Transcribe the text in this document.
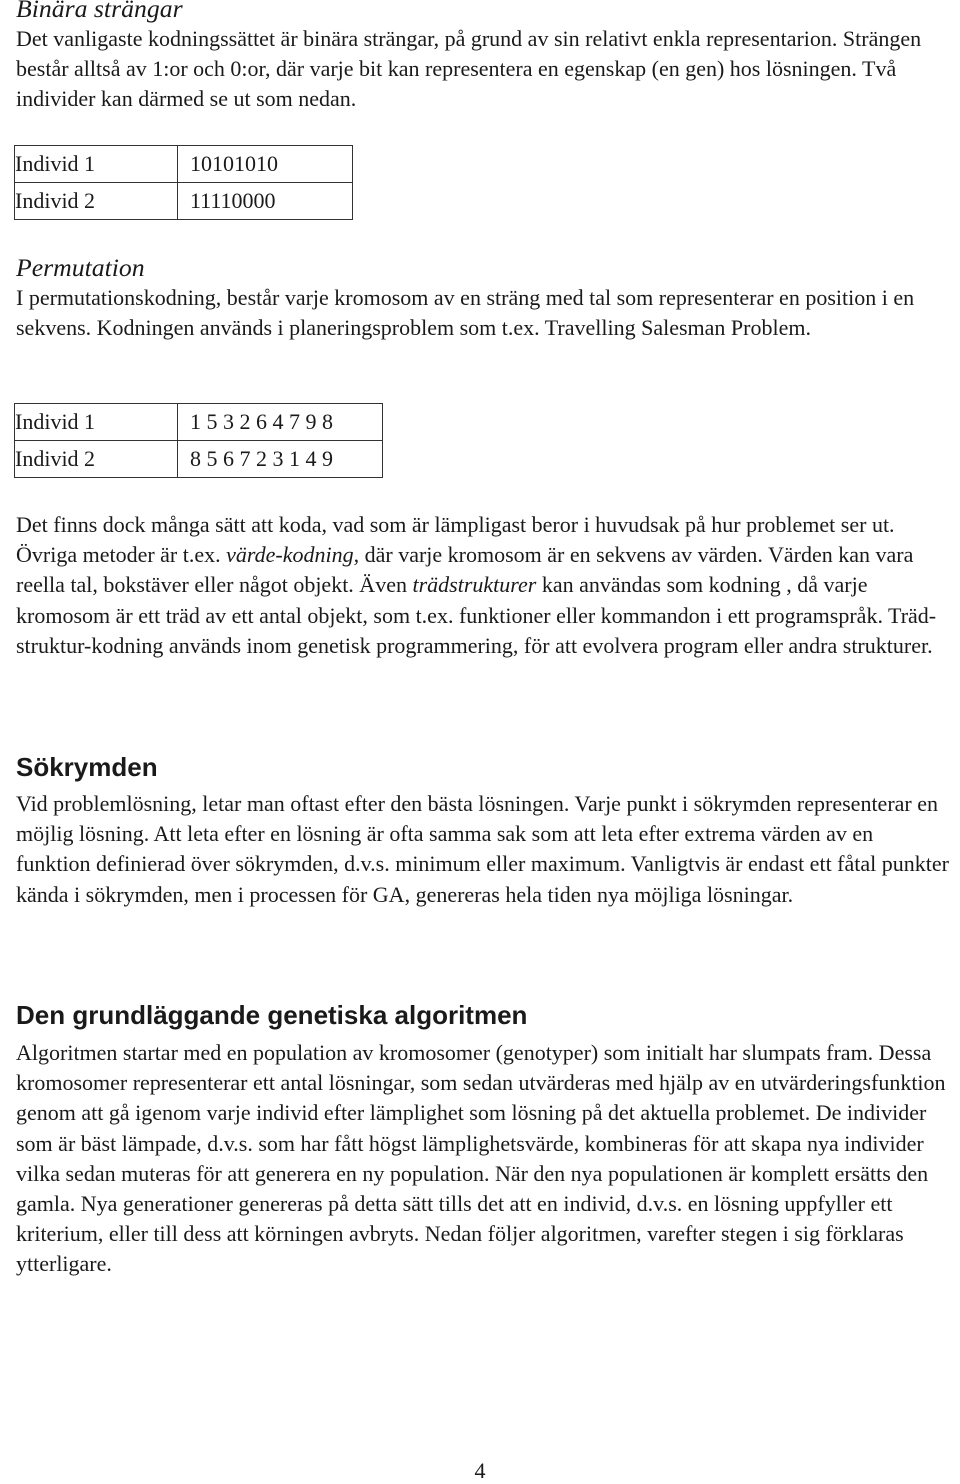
Binära strängar

Det vanligaste kodningssättet är binära strängar, på grund av sin relativt enkla representarion. Strängen består alltså av 1:or och 0:or, där varje bit kan representera en egenskap (en gen) hos lösningen. Två individer kan därmed se ut som nedan.

Individ 1	10101010
Individ 2	11110000
Permutation

I permutationskodning, består varje kromosom av en sträng med tal som representerar en position i en sekvens. Kodningen används i planeringsproblem som t.ex. Travelling Salesman Problem.

Individ 1	1 5 3 2 6 4 7 9 8
Individ 2	8 5 6 7 2 3 1 4 9

Det finns dock många sätt att koda, vad som är lämpligast beror i huvudsak på hur problemet ser ut. Övriga metoder är t.ex. värde-kodning, där varje kromosom är en sekvens av värden. Värden kan vara reella tal, bokstäver eller något objekt. Även trädstrukturer kan användas som kodning , då varje kromosom är ett träd av ett antal objekt, som t.ex. funktioner eller kommandon i ett programspråk. Träd-struktur-kodning används inom genetisk programmering, för att evolvera program eller andra strukturer.

Sökrymden

Vid problemlösning, letar man oftast efter den bästa lösningen. Varje punkt i sökrymden representerar en möjlig lösning. Att leta efter en lösning är ofta samma sak som att leta efter extrema värden av en funktion definierad över sökrymden, d.v.s. minimum eller maximum. Vanligtvis är endast ett fåtal punkter kända i sökrymden, men i processen för GA, genereras hela tiden nya möjliga lösningar.

Den grundläggande genetiska algoritmen

Algoritmen startar med en population av kromosomer (genotyper) som initialt har slumpats fram. Dessa kromosomer representerar ett antal lösningar, som sedan utvärderas med hjälp av en utvärderingsfunktion genom att gå igenom varje individ efter lämplighet som lösning på det aktuella problemet. De individer som är bäst lämpade, d.v.s. som har fått högst lämplighetsvärde, kombineras för att skapa nya individer vilka sedan muteras för att generera en ny population. När den nya populationen är komplett ersätts den gamla. Nya generationer genereras på detta sätt tills det att en individ, d.v.s. en lösning uppfyller ett kriterium, eller till dess att körningen avbryts. Nedan följer algoritmen, varefter stegen i sig förklaras ytterligare.

4
